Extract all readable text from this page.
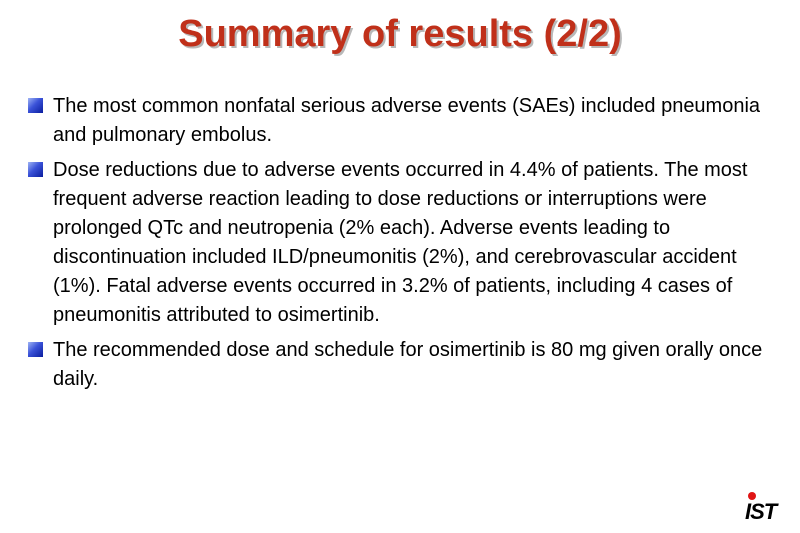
Summary of results (2/2)
The most common nonfatal serious adverse events (SAEs) included pneumonia and pulmonary embolus.
Dose reductions due to adverse events occurred in 4.4% of patients. The most frequent adverse reaction leading to dose reductions or interruptions were prolonged QTc and neutropenia (2% each). Adverse events leading to discontinuation included ILD/pneumonitis (2%), and cerebrovascular accident (1%). Fatal adverse events occurred in 3.2% of patients, including 4 cases of pneumonitis attributed to osimertinib.
The recommended dose and schedule for osimertinib is 80 mg given orally once daily.
IST
